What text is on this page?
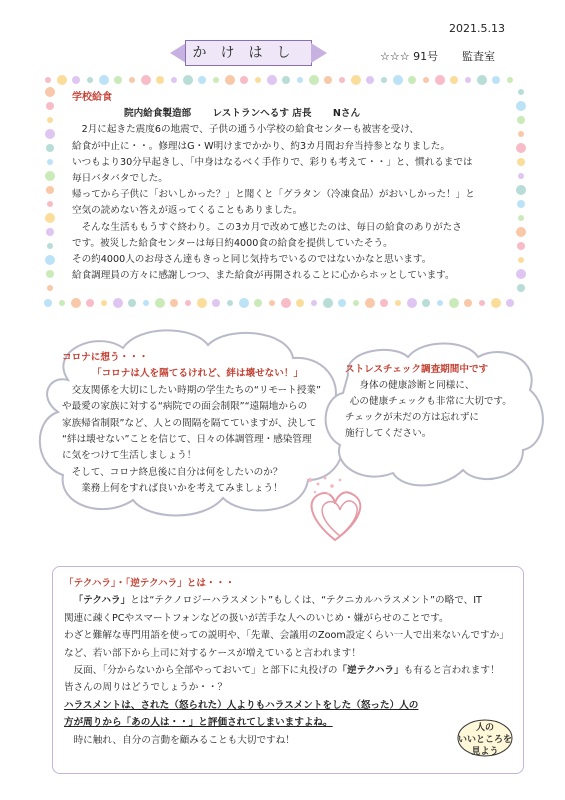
2021.5.13
かけはし	☆☆☆ 91号 監査室
学校給食
院内給食製造部 レストランへるす 店長 Nさん

2月に起きた震度6の地震で、子供の通う小学校の給食センターも被害を受け、

給食が中止に・・。修理はG・W明けまでかかり、約3カ月間お弁当持参となりました。

いつもより30分早起きし、「中身はなるべく手作りで、彩りも考えて・・」と、慣れるまでは

毎日バタバタでした。

帰ってから子供に「おいしかった？」と聞くと「グラタン（冷凍食品）がおいしかった！」と

空気の読めない答えが返ってくることもありました。

そんな生活ももうすぐ終わり。この3カ月で改めて感じたのは、毎日の給食のありがたさ

です。被災した給食センターは毎日約4000食の給食を提供していたそう。

その約4000人のお母さん達もきっと同じ気持ちでいるのではないかなと思います。

給食調理員の方々に感謝しつつ、また給食が再開されることに心からホッとしています。

コロナに想う・・・
「コロナは人を隔てるけれど、絆は壊せない！」
交友関係を大切にしたい時期の学生たちの“リモート授業”
や最愛の家族に対する“病院での面会制限”“遠隔地からの
家族帰省制限”など、人との間隔を隔てていますが、決して
“絆は壊せない”ことを信じて、日々の体調管理・感染管理
に気をつけて生活しましょう！
そして、コロナ終息後に自分は何をしたいのか？
業務上何をすれば良いかを考えてみましょう！
ストレスチェック調査期間中です
身体の健康診断と同様に、
心の健康チェックも非常に大切です。
チェックが未だの方は忘れずに
施行してください。
「テクハラ」・「逆テクハラ」とは・・・
「テクハラ」とは“テクノロジーハラスメント”もしくは、“テクニカルハラスメント”の略で、IT
関連に疎くPCやスマートフォンなどの扱いが苦手な人へのいじめ・嫌がらせのことです。
わざと難解な専門用語を使っての説明や、「先輩、会議用のZoom設定くらい一人で出来ないんですか」
など、若い部下から上司に対するケースが増えていると言われます！
反面、「分からないから全部やっておいて」と部下に丸投げの「逆テクハラ」も有ると言われます！
皆さんの周りはどうでしょうか・・？
ハラスメントは、された（怒られた）人よりもハラスメントをした（怒った）人の
方が周りから「あの人は・・」と評価されてしまいますよね。
時に触れ、自分の言動を顧みることも大切ですね！
人の
いいところを
見よう
